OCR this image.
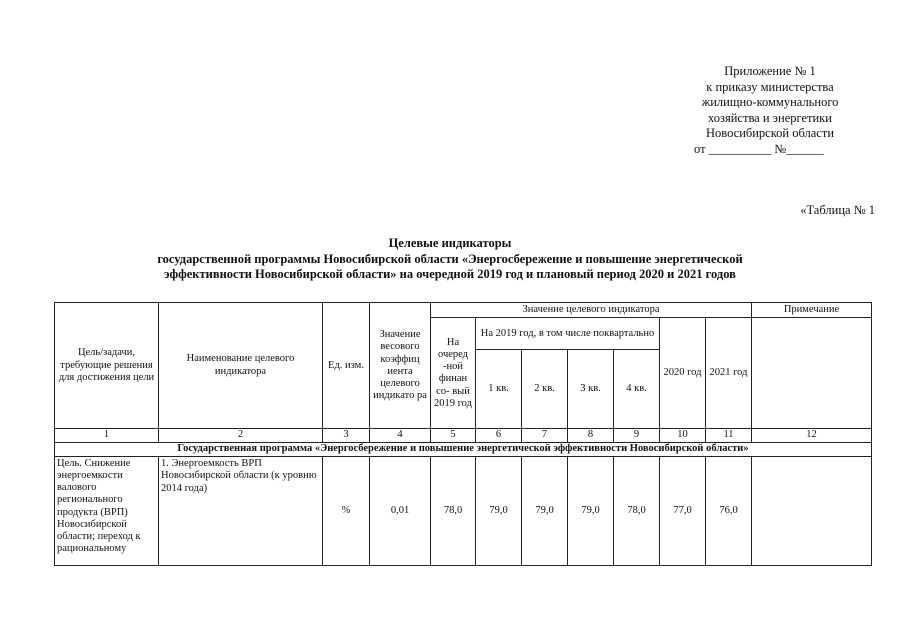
Приложение № 1
к приказу министерства
жилищно-коммунального
хозяйства и энергетики
Новосибирской области
от __________ №______
«Таблица № 1
Целевые индикаторы
государственной программы Новосибирской области «Энергосбережение и повышение энергетической
эффективности Новосибирской области» на очередной 2019 год и плановый период 2020 и 2021 годов
Цель/задачи, требующие решения для достижения цели	Наименование целевого индикатора	Ед. изм.	Значение весового коэффиц иента целевого индикато ра	Значение целевого индикатора							Примечание
				На очеред -ной финан со- вый 2019 год	На 2019 год, в том числе поквартально				2020 год	2021 год	
					1 кв.	2 кв.	3 кв.	4 кв.			
1	2	3	4	5	6	7	8	9	10	11	12
Государственная программа «Энергосбережение и повышение энергетической эффективности Новосибирской области»											
Цель. Снижение энергоемкости валового регионального продукта (ВРП) Новосибирской области; переход к рациональному	1. Энергоемкость ВРП Новосибирской области (к уровню 2014 года)	%	0,01	78,0	79,0	79,0	79,0	78,0	77,0	76,0	
